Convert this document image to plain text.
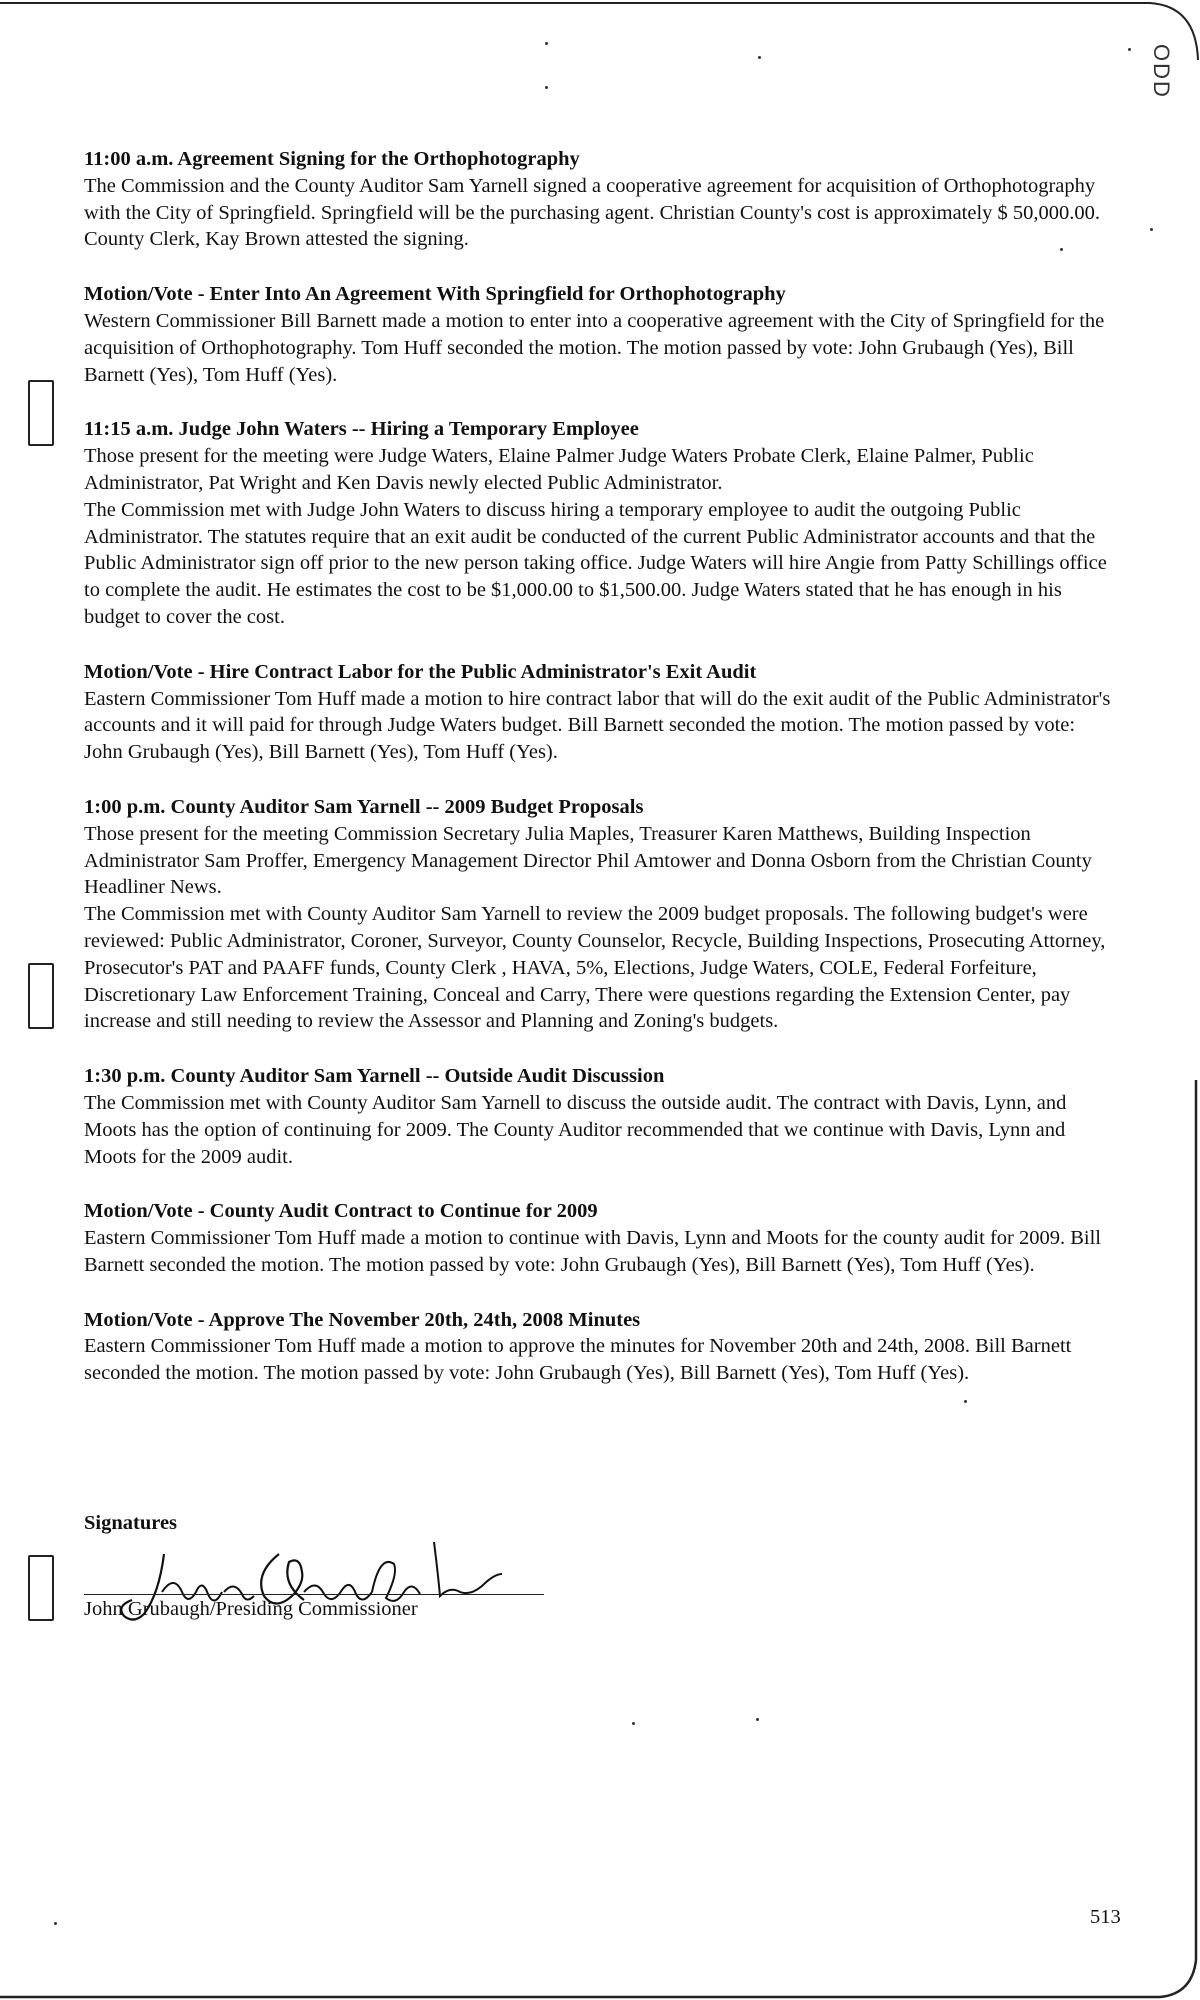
ODD
11:00 a.m. Agreement Signing for the Orthophotography
The Commission and the County Auditor Sam Yarnell signed a cooperative agreement for acquisition of Orthophotography with the City of Springfield. Springfield will be the purchasing agent. Christian County's cost is approximately $ 50,000.00. County Clerk, Kay Brown attested the signing.
Motion/Vote - Enter Into An Agreement With Springfield for Orthophotography
Western Commissioner Bill Barnett made a motion to enter into a cooperative agreement with the City of Springfield for the acquisition of Orthophotography. Tom Huff seconded the motion. The motion passed by vote: John Grubaugh (Yes), Bill Barnett (Yes), Tom Huff (Yes).
11:15 a.m. Judge John Waters -- Hiring a Temporary Employee
Those present for the meeting were Judge Waters, Elaine Palmer Judge Waters Probate Clerk, Elaine Palmer, Public Administrator, Pat Wright and Ken Davis newly elected Public Administrator.
The Commission met with Judge John Waters to discuss hiring a temporary employee to audit the outgoing Public Administrator. The statutes require that an exit audit be conducted of the current Public Administrator accounts and that the Public Administrator sign off prior to the new person taking office. Judge Waters will hire Angie from Patty Schillings office to complete the audit. He estimates the cost to be $1,000.00 to $1,500.00. Judge Waters stated that he has enough in his budget to cover the cost.
Motion/Vote - Hire Contract Labor for the Public Administrator's Exit Audit
Eastern Commissioner Tom Huff made a motion to hire contract labor that will do the exit audit of the Public Administrator's accounts and it will paid for through Judge Waters budget. Bill Barnett seconded the motion. The motion passed by vote: John Grubaugh (Yes), Bill Barnett (Yes), Tom Huff (Yes).
1:00 p.m. County Auditor Sam Yarnell -- 2009 Budget Proposals
Those present for the meeting Commission Secretary Julia Maples, Treasurer Karen Matthews, Building Inspection Administrator Sam Proffer, Emergency Management Director Phil Amtower and Donna Osborn from the Christian County Headliner News.
The Commission met with County Auditor Sam Yarnell to review the 2009 budget proposals. The following budget's were reviewed: Public Administrator, Coroner, Surveyor, County Counselor, Recycle, Building Inspections, Prosecuting Attorney, Prosecutor's PAT and PAAFF funds, County Clerk , HAVA, 5%, Elections, Judge Waters, COLE, Federal Forfeiture, Discretionary Law Enforcement Training, Conceal and Carry, There were questions regarding the Extension Center, pay increase and still needing to review the Assessor and Planning and Zoning's budgets.
1:30 p.m. County Auditor Sam Yarnell -- Outside Audit Discussion
The Commission met with County Auditor Sam Yarnell to discuss the outside audit. The contract with Davis, Lynn, and Moots has the option of continuing for 2009. The County Auditor recommended that we continue with Davis, Lynn and Moots for the 2009 audit.
Motion/Vote - County Audit Contract to Continue for 2009
Eastern Commissioner Tom Huff made a motion to continue with Davis, Lynn and Moots for the county audit for 2009. Bill Barnett seconded the motion. The motion passed by vote: John Grubaugh (Yes), Bill Barnett (Yes), Tom Huff (Yes).
Motion/Vote - Approve The November 20th, 24th, 2008 Minutes
Eastern Commissioner Tom Huff made a motion to approve the minutes for November 20th and 24th, 2008. Bill Barnett seconded the motion. The motion passed by vote: John Grubaugh (Yes), Bill Barnett (Yes), Tom Huff (Yes).
Signatures
John Grubaugh/Presiding Commissioner
513
